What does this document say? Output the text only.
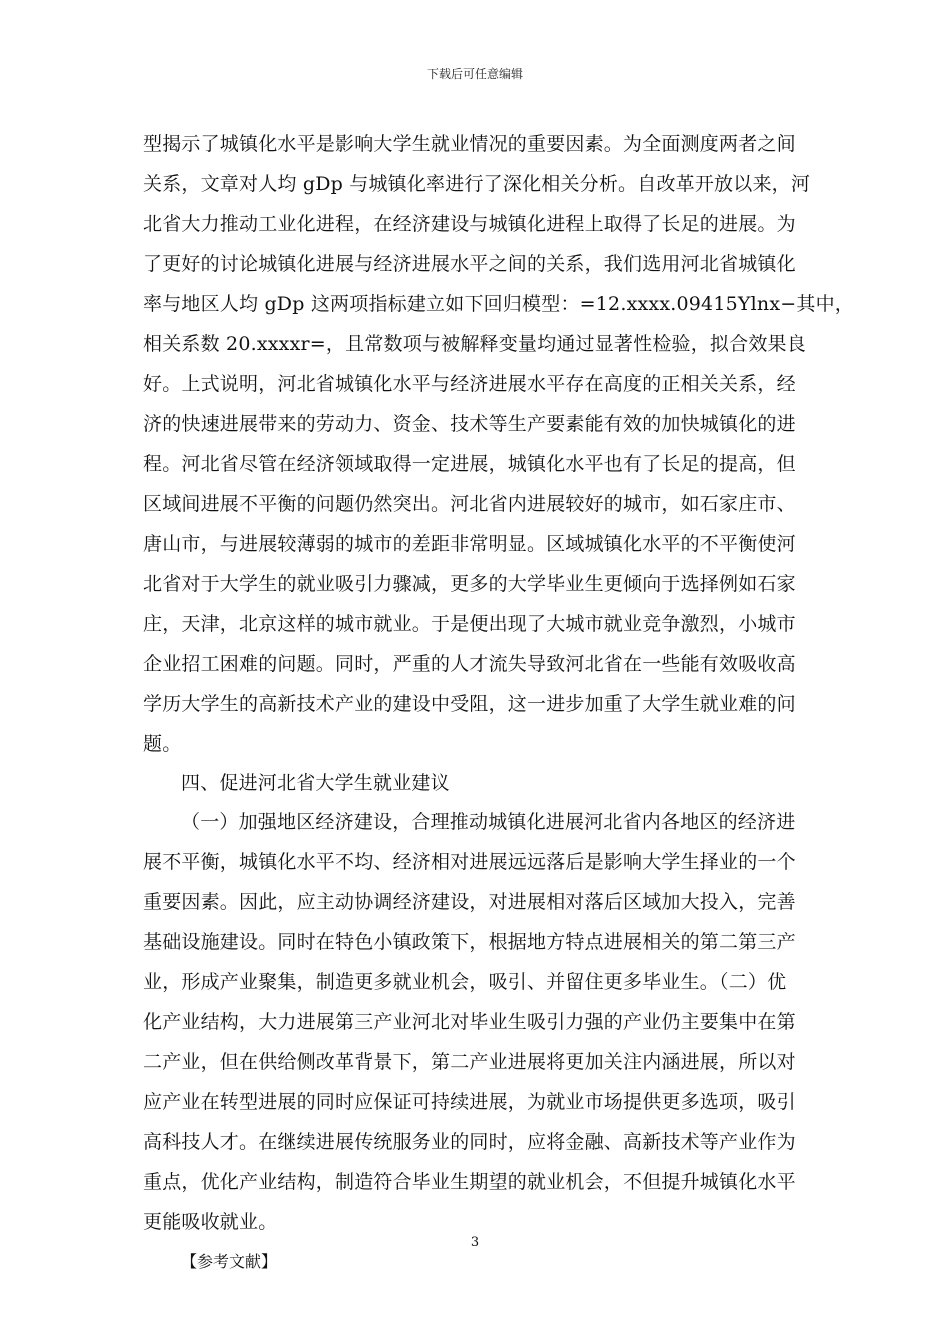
下载后可任意编辑
型揭示了城镇化水平是影响大学生就业情况的重要因素。为全面测度两者之间
关系，文章对人均 gDp 与城镇化率进行了深化相关分析。自改革开放以来，河
北省大力推动工业化进程，在经济建设与城镇化进程上取得了长足的进展。为
了更好的讨论城镇化进展与经济进展水平之间的关系，我们选用河北省城镇化
率与地区人均 gDp 这两项指标建立如下回归模型：=12.xxxx.09415Ylnx−其中，
相关系数 20.xxxxr=，且常数项与被解释变量均通过显著性检验，拟合效果良
好。上式说明，河北省城镇化水平与经济进展水平存在高度的正相关关系，经
济的快速进展带来的劳动力、资金、技术等生产要素能有效的加快城镇化的进
程。河北省尽管在经济领域取得一定进展，城镇化水平也有了长足的提高，但
区域间进展不平衡的问题仍然突出。河北省内进展较好的城市，如石家庄市、
唐山市，与进展较薄弱的城市的差距非常明显。区域城镇化水平的不平衡使河
北省对于大学生的就业吸引力骤减，更多的大学毕业生更倾向于选择例如石家
庄，天津，北京这样的城市就业。于是便出现了大城市就业竞争激烈，小城市
企业招工困难的问题。同时，严重的人才流失导致河北省在一些能有效吸收高
学历大学生的高新技术产业的建设中受阻，这一进步加重了大学生就业难的问
题。
四、促进河北省大学生就业建议
（一）加强地区经济建设，合理推动城镇化进展河北省内各地区的经济进
展不平衡，城镇化水平不均、经济相对进展远远落后是影响大学生择业的一个
重要因素。因此，应主动协调经济建设，对进展相对落后区域加大投入，完善
基础设施建设。同时在特色小镇政策下，根据地方特点进展相关的第二第三产
业，形成产业聚集，制造更多就业机会，吸引、并留住更多毕业生。（二）优
化产业结构，大力进展第三产业河北对毕业生吸引力强的产业仍主要集中在第
二产业，但在供给侧改革背景下，第二产业进展将更加关注内涵进展，所以对
应产业在转型进展的同时应保证可持续进展，为就业市场提供更多选项，吸引
高科技人才。在继续进展传统服务业的同时，应将金融、高新技术等产业作为
重点，优化产业结构，制造符合毕业生期望的就业机会，不但提升城镇化水平
更能吸收就业。
【参考文献】
3
